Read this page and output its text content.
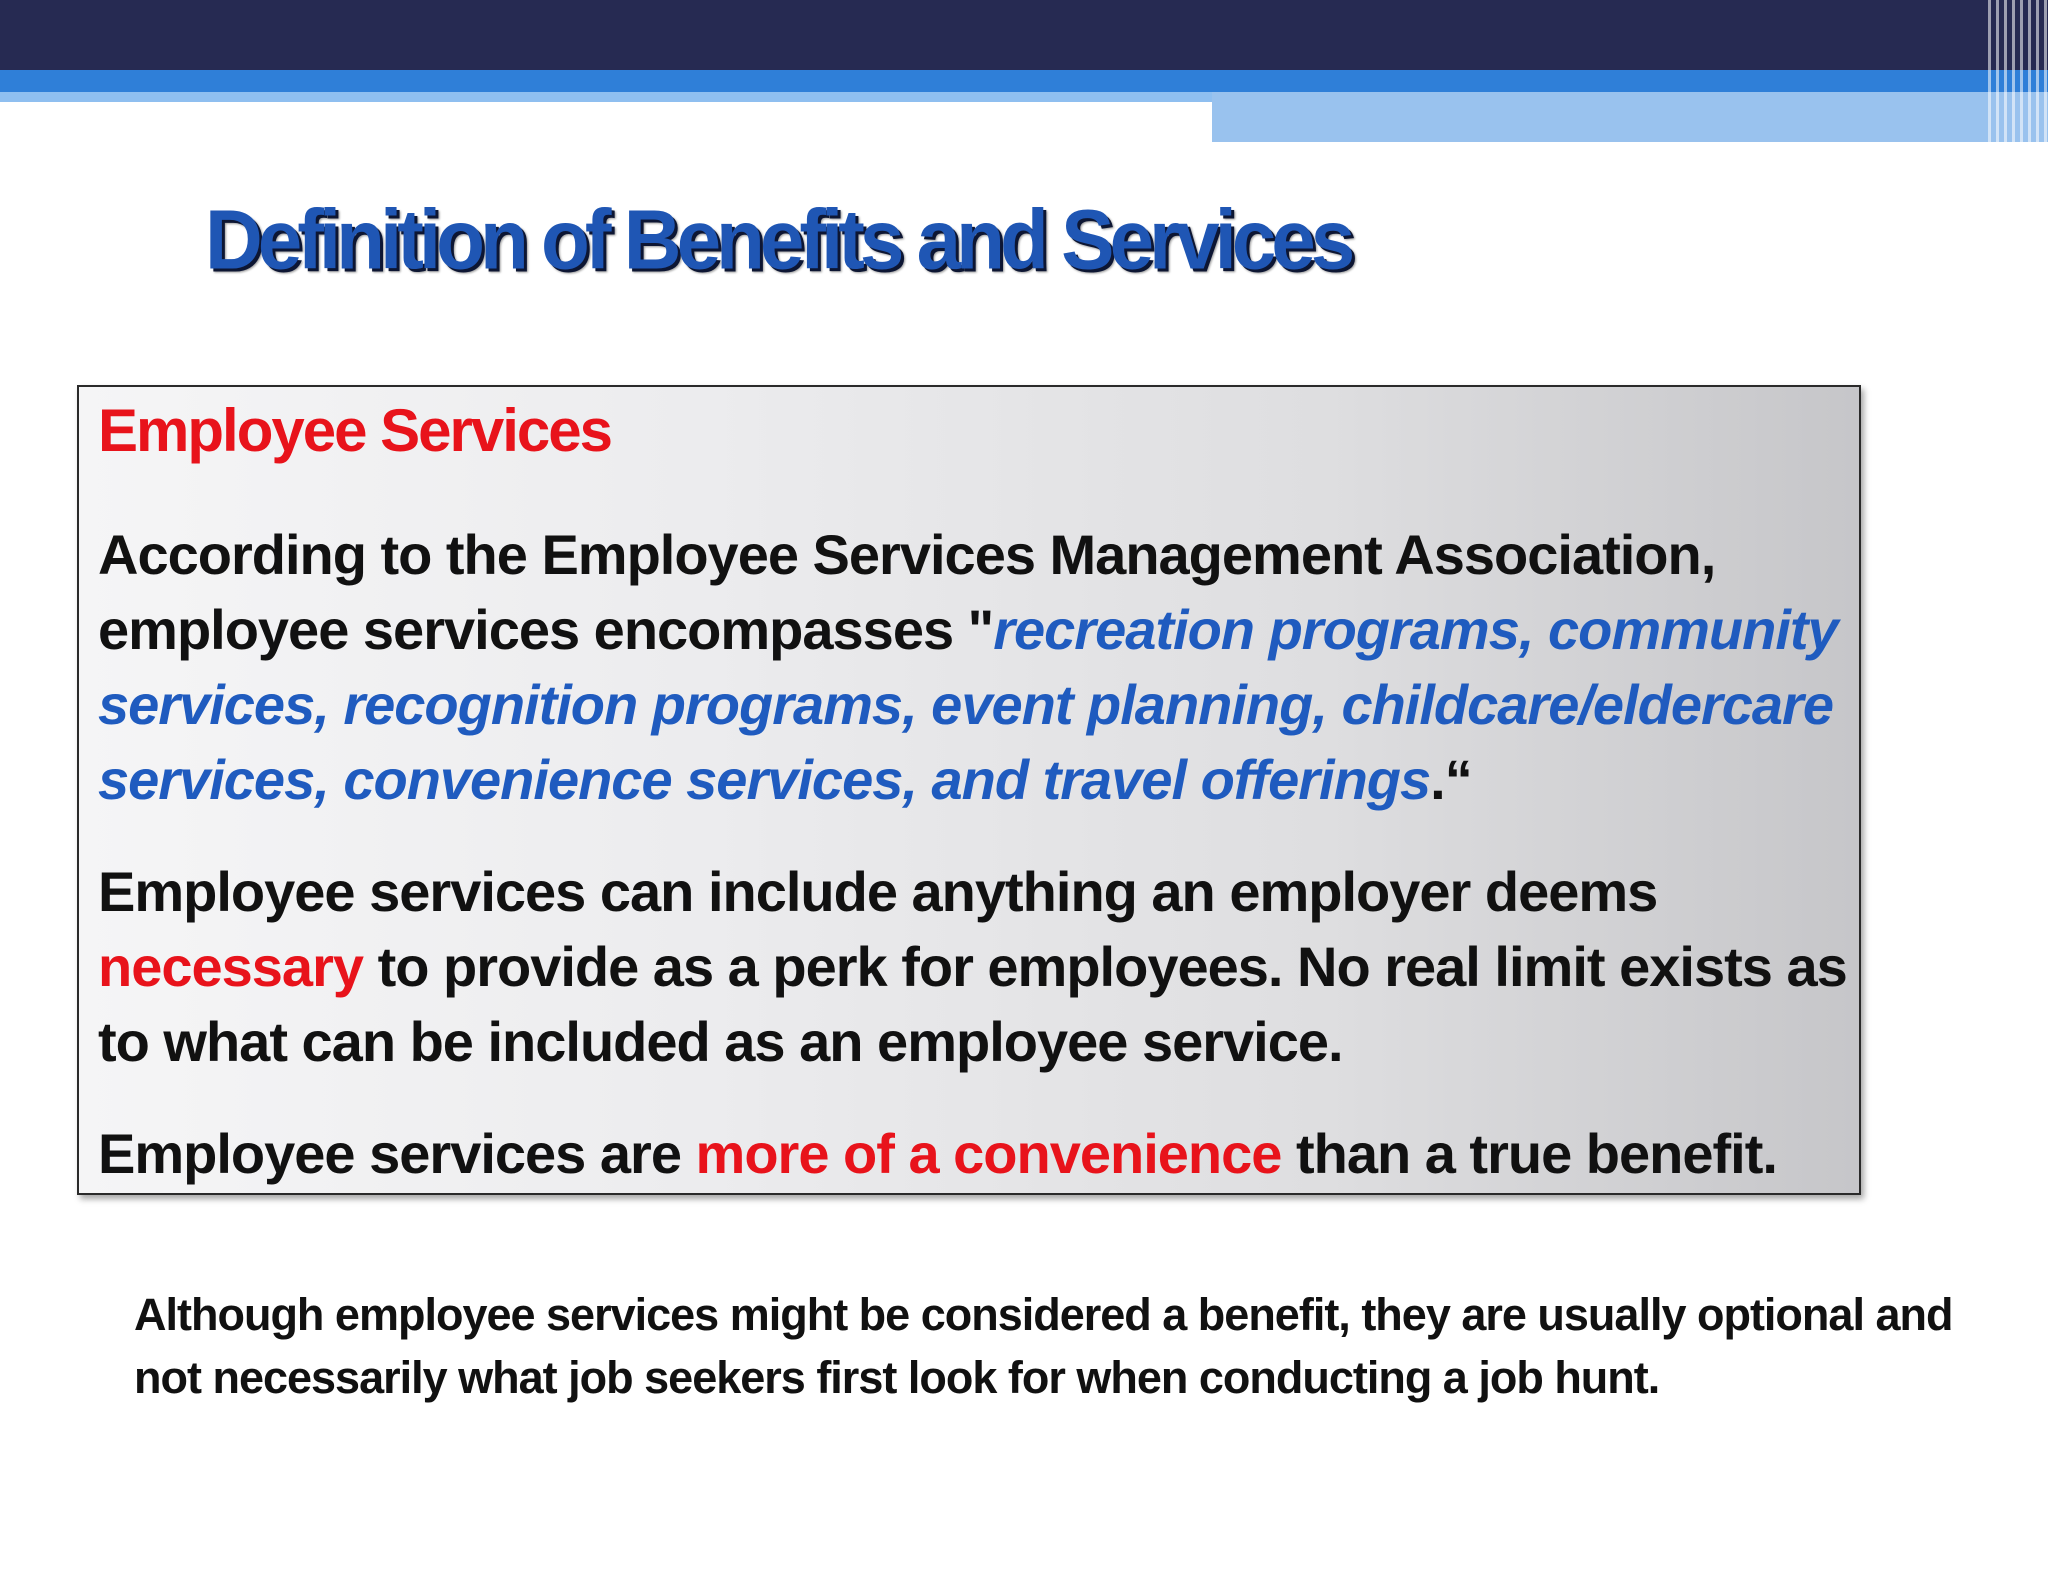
Definition of Benefits and Services
Employee Services

According to the Employee Services Management Association, employee services encompasses "recreation programs, community services, recognition programs, event planning, childcare/eldercare services, convenience services, and travel offerings.“

Employee services can include anything an employer deems necessary to provide as a perk for employees. No real limit exists as to what can be included as an employee service.

Employee services are more of a convenience than a true benefit.

Although employee services might be considered a benefit, they are usually optional and not necessarily what job seekers first look for when conducting a job hunt.
